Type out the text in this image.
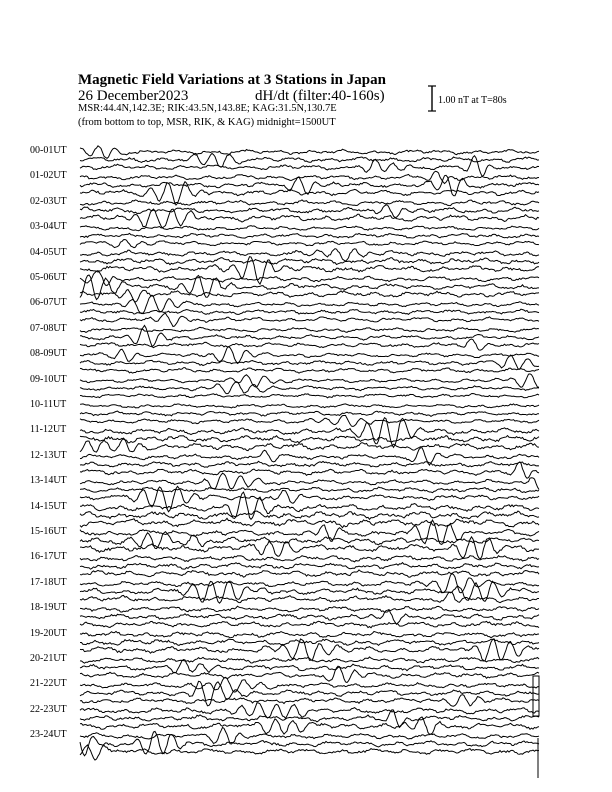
Magnetic Field Variations at 3 Stations in Japan

26 December2023	dH/dt (filter:40-160s)

MSR:44.4N,142.3E; RIK:43.5N,143.8E; KAG:31.5N,130.7E

(from bottom to top, MSR, RIK, & KAG) midnight=1500UT

1.00 nT at T=80s

00-01UT
01-02UT
02-03UT
03-04UT
04-05UT
05-06UT
06-07UT
07-08UT
08-09UT
09-10UT
10-11UT
11-12UT
12-13UT
13-14UT
14-15UT
15-16UT
16-17UT
17-18UT
18-19UT
19-20UT
20-21UT
21-22UT
22-23UT
23-24UT
